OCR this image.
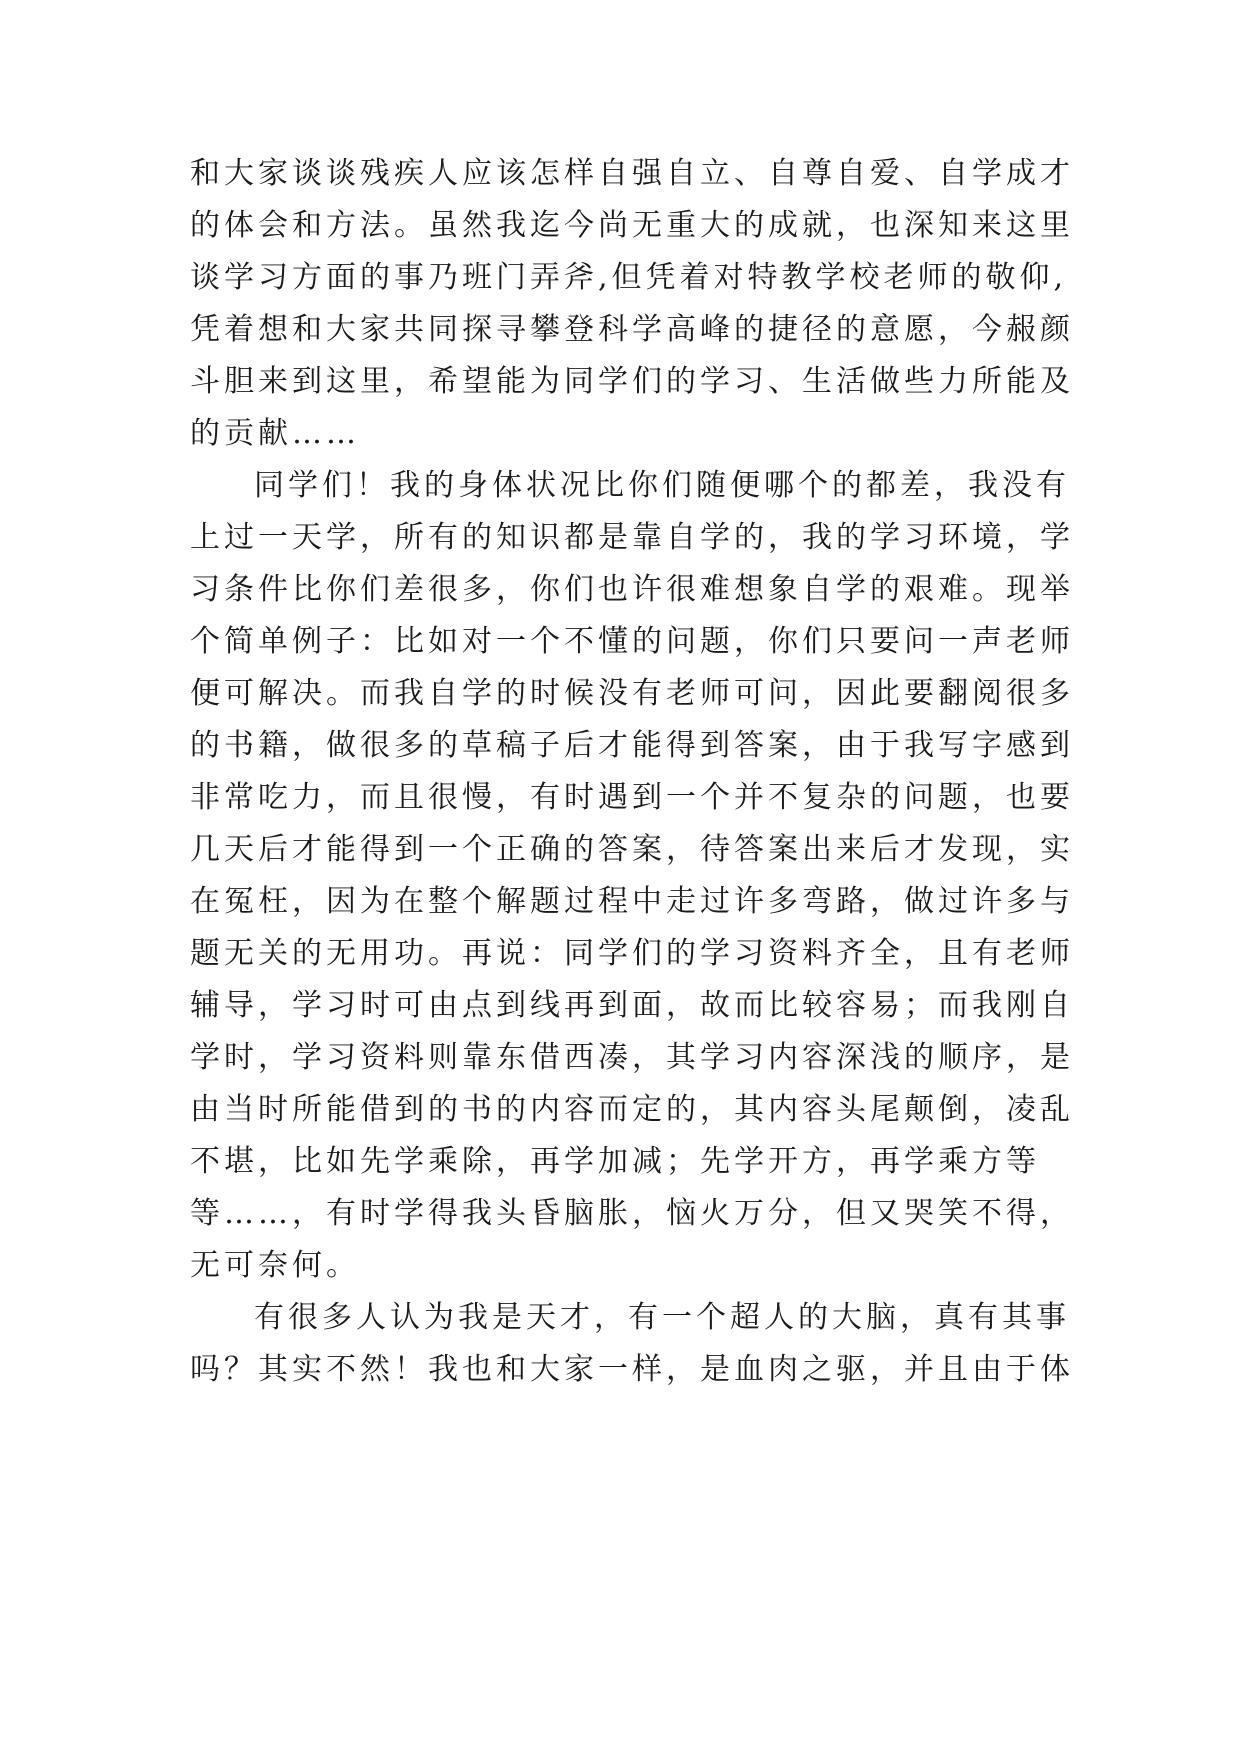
和大家谈谈残疾人应该怎样自强自立、自尊自爱、自学成才
的体会和方法。虽然我迄今尚无重大的成就，也深知来这里
谈学习方面的事乃班门弄斧,但凭着对特教学校老师的敬仰,
凭着想和大家共同探寻攀登科学高峰的捷径的意愿，今赧颜
斗胆来到这里，希望能为同学们的学习、生活做些力所能及
的贡献……
同学们！我的身体状况比你们随便哪个的都差，我没有
上过一天学，所有的知识都是靠自学的，我的学习环境，学
习条件比你们差很多，你们也许很难想象自学的艰难。现举
个简单例子：比如对一个不懂的问题，你们只要问一声老师
便可解决。而我自学的时候没有老师可问，因此要翻阅很多
的书籍，做很多的草稿子后才能得到答案，由于我写字感到
非常吃力，而且很慢，有时遇到一个并不复杂的问题，也要
几天后才能得到一个正确的答案，待答案出来后才发现，实
在冤枉，因为在整个解题过程中走过许多弯路，做过许多与
题无关的无用功。再说：同学们的学习资料齐全，且有老师
辅导，学习时可由点到线再到面，故而比较容易；而我刚自
学时，学习资料则靠东借西凑，其学习内容深浅的顺序，是
由当时所能借到的书的内容而定的，其内容头尾颠倒，凌乱
不堪，比如先学乘除，再学加减；先学开方，再学乘方等
等……，有时学得我头昏脑胀，恼火万分，但又哭笑不得，
无可奈何。
有很多人认为我是天才，有一个超人的大脑，真有其事
吗？其实不然！我也和大家一样，是血肉之驱，并且由于体
